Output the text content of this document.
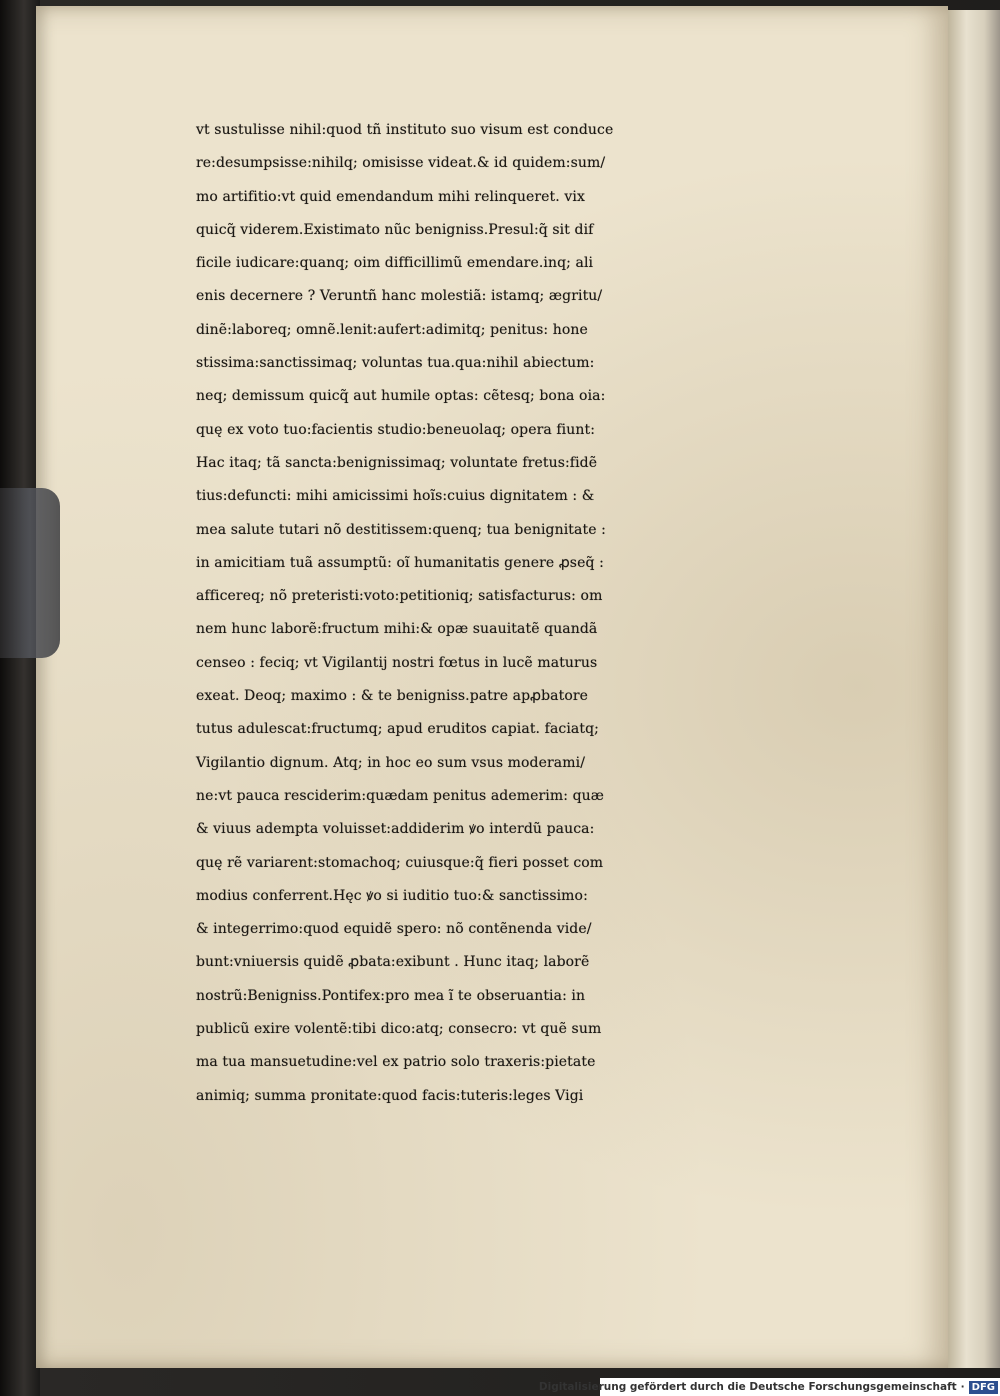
vt sustulisse nihil:quod tñ instituto suo visum est conduce
re:desumpsisse:nihilq; omisisse videat.& id quidem:sum/
mo artifitio:vt quid emendandum mihi relinqueret. vix
quicq̃ viderem.Existimato nũc benigniss.Presul:q̃ sit dif
ficile iudicare:quanq; oim difficillimũ emendare.inq; ali
enis decernere ? Veruntñ hanc molestiã: istamq; ægritu/
dinẽ:laboreq; omnẽ.lenit:aufert:adimitq; penitus: hone
stissima:sanctissimaq; voluntas tua.qua:nihil abiectum:
neq; demissum quicq̃ aut humile optas: cẽtesq; bona oia:
quę ex voto tuo:facientis studio:beneuolaq; opera fiunt:
Hac itaq; tã sancta:benignissimaq; voluntate fretus:fidẽ
tius:defuncti: mihi amicissimi hoĩs:cuius dignitatem : &
mea salute tutari nõ destitissem:quenq; tua benignitate :
in amicitiam tuã assumptũ: oĩ humanitatis genere ꝓseq̃ :
afficereq; nõ preteristi:voto:petitioniq; satisfacturus: om
nem hunc laborẽ:fructum mihi:& opæ suauitatẽ quandã
censeo : feciq; vt Vigilantij nostri fœtus in lucẽ maturus
exeat. Deoq; maximo : & te benigniss.patre apꝓbatore
tutus adulescat:fructumq; apud eruditos capiat. faciatq;
Vigilantio dignum. Atq; in hoc eo sum vsus moderami/
ne:vt pauca resciderim:quædam penitus ademerim: quæ
& viuus adempta voluisset:addiderim ꝟo interdũ pauca:
quę rẽ variarent:stomachoq; cuiusque:q̃ fieri posset com
modius conferrent.Hęc ꝟo si iuditio tuo:& sanctissimo:
& integerrimo:quod equidẽ spero: nõ contẽnenda vide/
bunt:vniuersis quidẽ ꝓbata:exibunt . Hunc itaq; laborẽ
nostrũ:Benigniss.Pontifex:pro mea ĩ te obseruantia: in
publicũ exire volentẽ:tibi dico:atq; consecro: vt quẽ sum
ma tua mansuetudine:vel ex patrio solo traxeris:pietate
animiq; summa pronitate:quod facis:tuteris:leges Vigi
Digitalisierung gefördert durch die Deutsche Forschungsgemeinschaft · DFG
